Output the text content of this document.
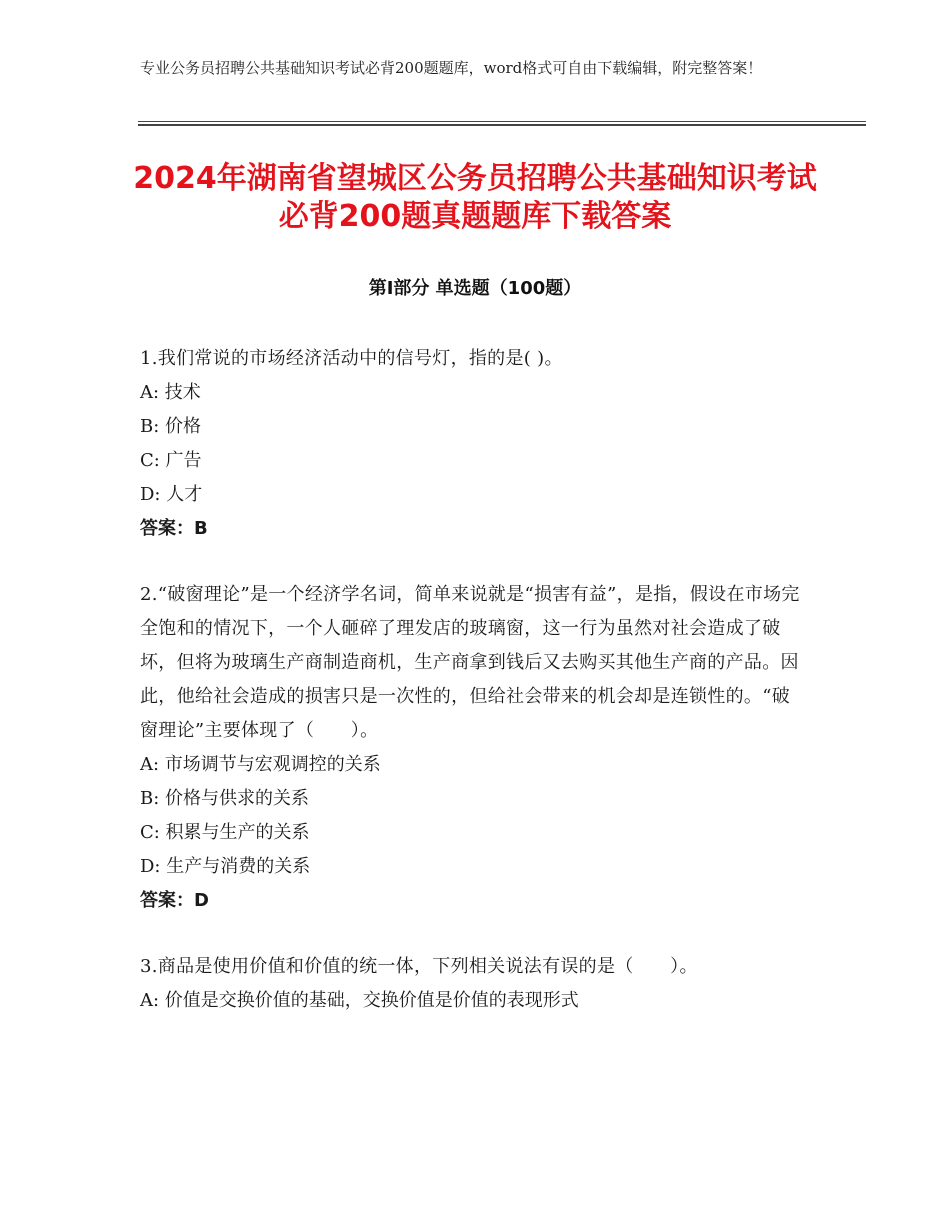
专业公务员招聘公共基础知识考试必背200题题库，word格式可自由下载编辑，附完整答案！
2024年湖南省望城区公务员招聘公共基础知识考试必背200题真题题库下载答案
第Ⅰ部分 单选题（100题）
1.我们常说的市场经济活动中的信号灯，指的是( )。
A: 技术
B: 价格
C: 广告
D: 人才
答案：B
2.“破窗理论”是一个经济学名词，简单来说就是“损害有益”，是指，假设在市场完全饱和的情况下，一个人砸碎了理发店的玻璃窗，这一行为虽然对社会造成了破坏，但将为玻璃生产商制造商机，生产商拿到钱后又去购买其他生产商的产品。因此，他给社会造成的损害只是一次性的，但给社会带来的机会却是连锁性的。“破窗理论”主要体现了（　　）。
A: 市场调节与宏观调控的关系
B: 价格与供求的关系
C: 积累与生产的关系
D: 生产与消费的关系
答案：D
3.商品是使用价值和价值的统一体，下列相关说法有误的是（　　）。
A: 价值是交换价值的基础，交换价值是价值的表现形式
